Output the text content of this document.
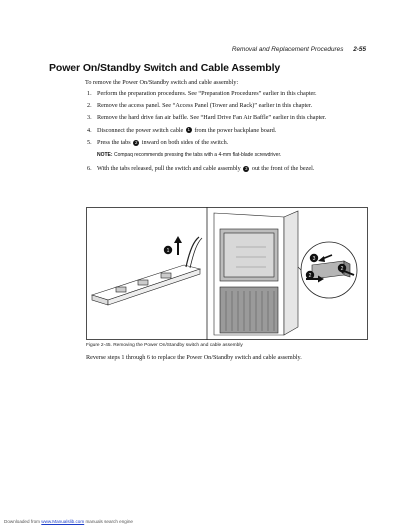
Removal and Replacement Procedures 2-55
Power On/Standby Switch and Cable Assembly

To remove the Power On/Standby switch and cable assembly:

1. Perform the preparation procedures. See “Preparation Procedures” earlier in this chapter.
2. Remove the access panel. See “Access Panel (Tower and Rack)” earlier in this chapter.
3. Remove the hard drive fan air baffle. See “Hard Drive Fan Air Baffle” earlier in this chapter.
4. Disconnect the power switch cable 1 from the power backplane board.
5. Press the tabs 2 inward on both sides of the switch.
NOTE: Compaq recommends pressing the tabs with a 4-mm flat-blade screwdriver.
6. With the tabs released, pull the switch and cable assembly 3 out the front of the bezel.
1
3
2
2
Figure 2-45. Removing the Power On/Standby switch and cable assembly

Reverse steps 1 through 6 to replace the Power On/Standby switch and cable assembly.

Downloaded from www.Manualslib.com manuals search engine
